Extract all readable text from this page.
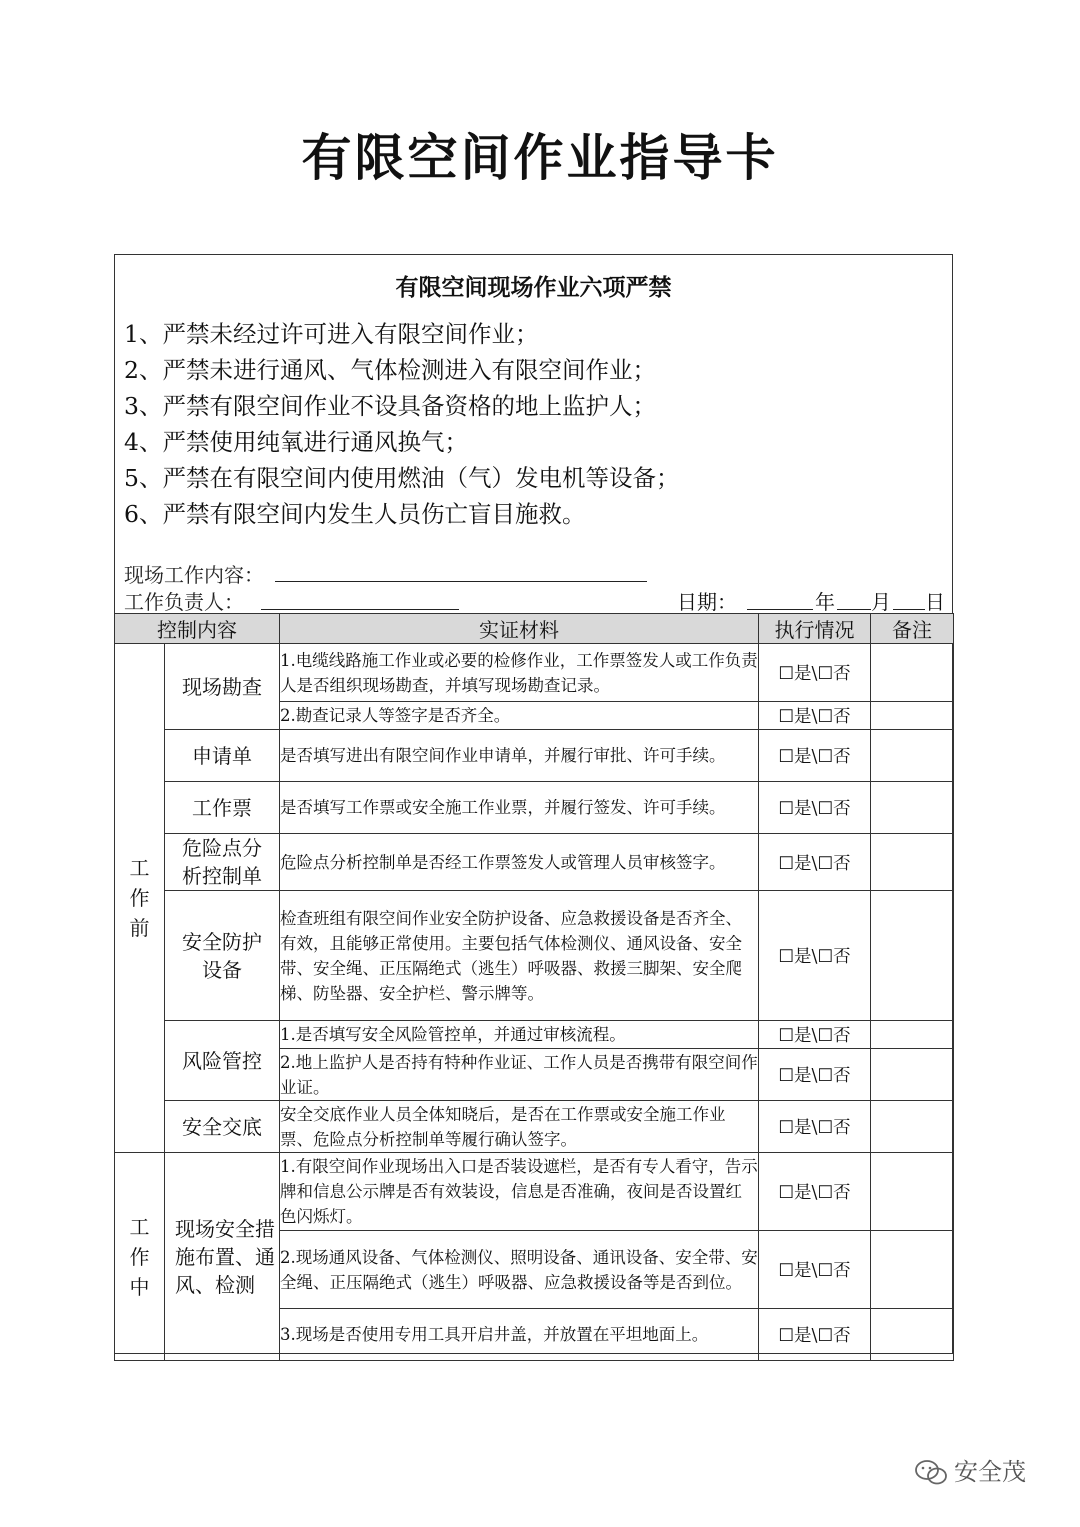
有限空间作业指导卡
有限空间现场作业六项严禁
1、严禁未经过许可进入有限空间作业；
2、严禁未进行通风、气体检测进入有限空间作业；
3、严禁有限空间作业不设具备资格的地上监护人；
4、严禁使用纯氧进行通风换气；
5、严禁在有限空间内使用燃油（气）发电机等设备；
6、严禁有限空间内发生人员伤亡盲目施救。
现场工作内容：
工作负责人：	日期：	年 月 日
控制内容		实证材料	执行情况	备注
工作前	现场勘查	1.电缆线路施工作业或必要的检修作业，工作票签发人或工作负责人是否组织现场勘查，并填写现场勘查记录。	☐是\☐否	
		2.勘查记录人等签字是否齐全。	☐是\☐否	
	申请单	是否填写进出有限空间作业申请单，并履行审批、许可手续。	☐是\☐否	
	工作票	是否填写工作票或安全施工作业票，并履行签发、许可手续。	☐是\☐否	
	危险点分析控制单	危险点分析控制单是否经工作票签发人或管理人员审核签字。	☐是\☐否	
	安全防护设备	检查班组有限空间作业安全防护设备、应急救援设备是否齐全、有效，且能够正常使用。主要包括气体检测仪、通风设备、安全带、安全绳、正压隔绝式（逃生）呼吸器、救援三脚架、安全爬梯、防坠器、安全护栏、警示牌等。	☐是\☐否	
	风险管控	1.是否填写安全风险管控单，并通过审核流程。	☐是\☐否	
		2.地上监护人是否持有特种作业证、工作人员是否携带有限空间作业证。	☐是\☐否	
	安全交底	安全交底作业人员全体知晓后，是否在工作票或安全施工作业票、危险点分析控制单等履行确认签字。	☐是\☐否	
工作中	现场安全措施布置、通风、检测	1.有限空间作业现场出入口是否装设遮栏，是否有专人看守，告示牌和信息公示牌是否有效装设，信息是否准确，夜间是否设置红色闪烁灯。	☐是\☐否	
		2.现场通风设备、气体检测仪、照明设备、通讯设备、安全带、安全绳、正压隔绝式（逃生）呼吸器、应急救援设备等是否到位。	☐是\☐否	
		3.现场是否使用专用工具开启井盖，并放置在平坦地面上。	☐是\☐否	
安全茂
